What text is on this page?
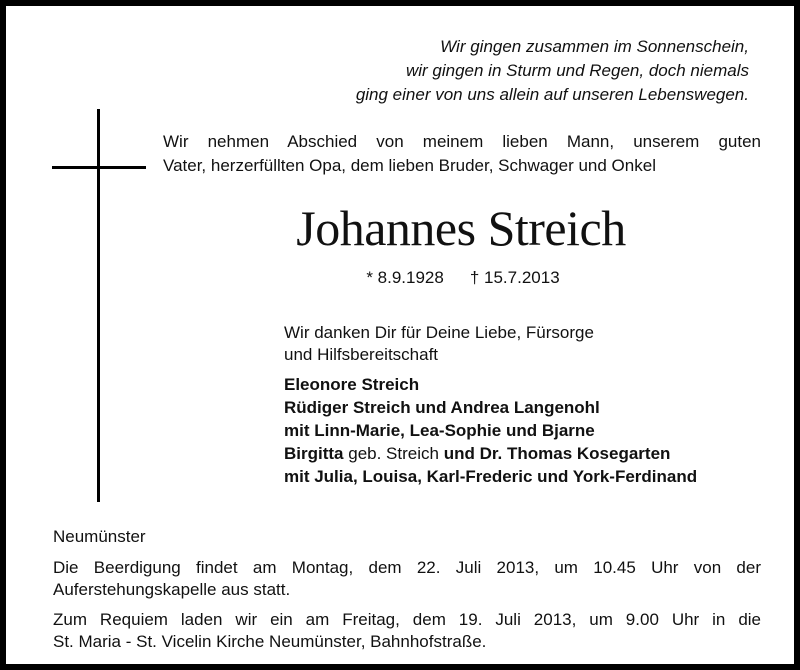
Wir gingen zusammen im Sonnenschein,
wir gingen in Sturm und Regen, doch niemals
ging einer von uns allein auf unseren Lebenswegen.
Wir nehmen Abschied von meinem lieben Mann, unserem guten
Vater, herzerfüllten Opa, dem lieben Bruder, Schwager und Onkel
Johannes Streich
* 8.9.1928 † 15.7.2013
Wir danken Dir für Deine Liebe, Fürsorge
und Hilfsbereitschaft
Eleonore Streich
Rüdiger Streich und Andrea Langenohl
mit Linn-Marie, Lea-Sophie und Bjarne
Birgitta geb. Streich und Dr. Thomas Kosegarten
mit Julia, Louisa, Karl-Frederic und York-Ferdinand
Neumünster
Die Beerdigung findet am Montag, dem 22. Juli 2013, um 10.45 Uhr von der
Auferstehungskapelle aus statt.
Zum Requiem laden wir ein am Freitag, dem 19. Juli 2013, um 9.00 Uhr in die
St. Maria - St. Vicelin Kirche Neumünster, Bahnhofstraße.
